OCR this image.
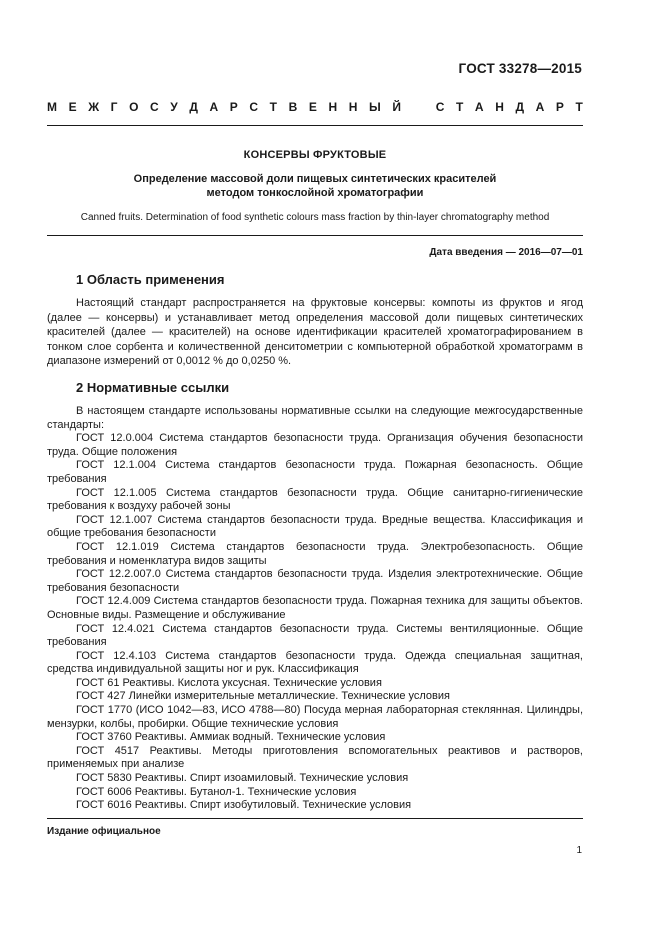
ГОСТ 33278—2015
М Е Ж Г О С У Д А Р С Т В Е Н Н Ы Й	С Т А Н Д А Р Т
КОНСЕРВЫ ФРУКТОВЫЕ
Определение массовой доли пищевых синтетических красителей
методом тонкослойной хроматографии
Canned fruits. Determination of food synthetic colours mass fraction by thin-layer chromatography method
Дата введения — 2016—07—01
1 Область применения

Настоящий стандарт распространяется на фруктовые консервы: компоты из фруктов и ягод (далее — консервы) и устанавливает метод определения массовой доли пищевых синтетических красителей (далее — красителей) на основе идентификации красителей хроматографированием в тонком слое сорбента и количественной денситометрии с компьютерной обработкой хроматограмм в диапазоне измерений от 0,0012 % до 0,0250 %.

2 Нормативные ссылки

В настоящем стандарте использованы нормативные ссылки на следующие межгосударственные стандарты:

ГОСТ 12.0.004 Система стандартов безопасности труда. Организация обучения безопасности труда. Общие положения

ГОСТ 12.1.004 Система стандартов безопасности труда. Пожарная безопасность. Общие требования

ГОСТ 12.1.005 Система стандартов безопасности труда. Общие санитарно-гигиенические требования к воздуху рабочей зоны

ГОСТ 12.1.007 Система стандартов безопасности труда. Вредные вещества. Классификация и общие требования безопасности

ГОСТ 12.1.019 Система стандартов безопасности труда. Электробезопасность. Общие требования и номенклатура видов защиты

ГОСТ 12.2.007.0 Система стандартов безопасности труда. Изделия электротехнические. Общие требования безопасности

ГОСТ 12.4.009 Система стандартов безопасности труда. Пожарная техника для защиты объектов. Основные виды. Размещение и обслуживание

ГОСТ 12.4.021 Система стандартов безопасности труда. Системы вентиляционные. Общие требования

ГОСТ 12.4.103 Система стандартов безопасности труда. Одежда специальная защитная, средства индивидуальной защиты ног и рук. Классификация

ГОСТ 61 Реактивы. Кислота уксусная. Технические условия

ГОСТ 427 Линейки измерительные металлические. Технические условия

ГОСТ 1770 (ИСО 1042—83, ИСО 4788—80) Посуда мерная лабораторная стеклянная. Цилиндры, мензурки, колбы, пробирки. Общие технические условия

ГОСТ 3760 Реактивы. Аммиак водный. Технические условия

ГОСТ 4517 Реактивы. Методы приготовления вспомогательных реактивов и растворов, применяемых при анализе

ГОСТ 5830 Реактивы. Спирт изоамиловый. Технические условия

ГОСТ 6006 Реактивы. Бутанол-1. Технические условия

ГОСТ 6016 Реактивы. Спирт изобутиловый. Технические условия

Издание официальное
1
